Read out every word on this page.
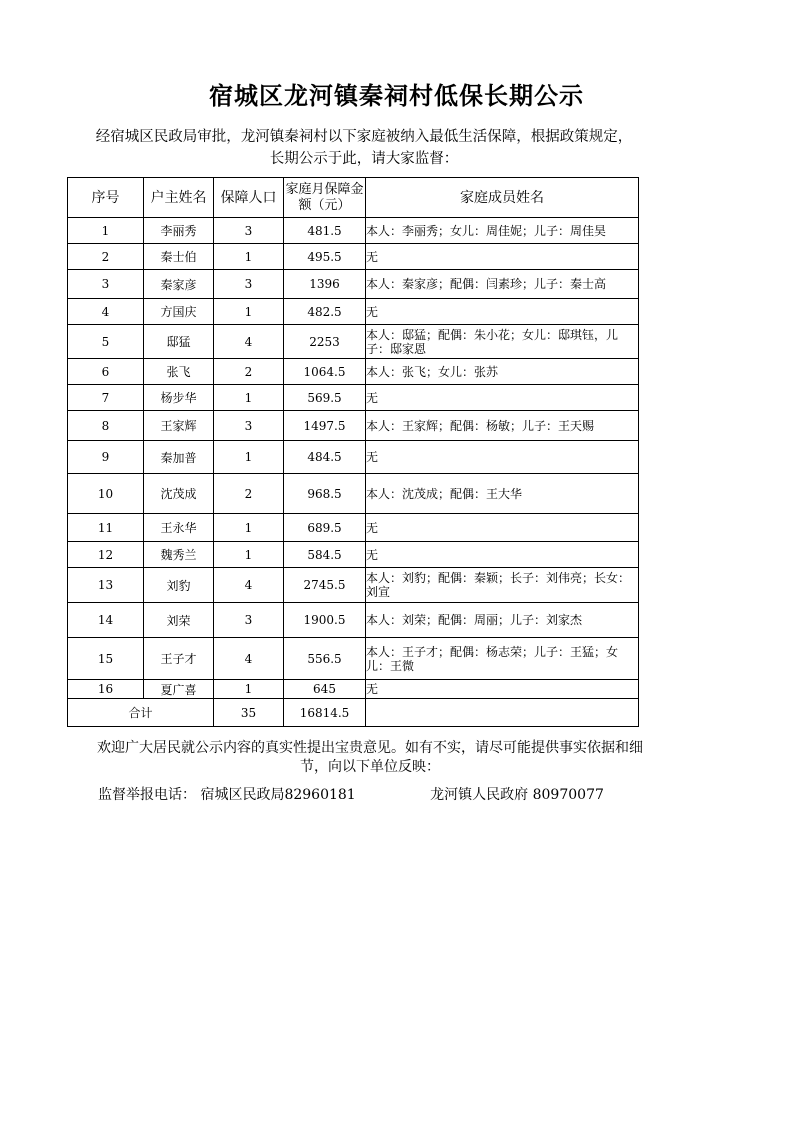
宿城区龙河镇秦祠村低保长期公示
经宿城区民政局审批，龙河镇秦祠村以下家庭被纳入最低生活保障，根据政策规定，长期公示于此，请大家监督：
序号	户主姓名	保障人口	家庭月保障金额（元）	家庭成员姓名
1	李丽秀	3	481.5	本人：李丽秀；女儿：周佳妮；儿子：周佳昊
2	秦士伯	1	495.5	无
3	秦家彦	3	1396	本人：秦家彦；配偶：闫素珍；儿子：秦士高
4	方国庆	1	482.5	无
5	邸猛	4	2253	本人：邸猛；配偶：朱小花；女儿：邸琪钰，儿子：邸家恩
6	张飞	2	1064.5	本人：张飞；女儿：张苏
7	杨步华	1	569.5	无
8	王家辉	3	1497.5	本人：王家辉；配偶：杨敏；儿子：王天赐
9	秦加普	1	484.5	无
10	沈茂成	2	968.5	本人：沈茂成；配偶：王大华
11	王永华	1	689.5	无
12	魏秀兰	1	584.5	无
13	刘豹	4	2745.5	本人：刘豹；配偶：秦颖；长子：刘伟亮；长女：刘宣
14	刘荣	3	1900.5	本人：刘荣；配偶：周丽；儿子：刘家杰
15	王子才	4	556.5	本人：王子才；配偶：杨志荣；儿子：王猛；女儿：王微
16	夏广喜	1	645	无
合计		35	16814.5	
欢迎广大居民就公示内容的真实性提出宝贵意见。如有不实，请尽可能提供事实依据和细节，向以下单位反映：
监督举报电话： 宿城区民政局82960181	龙河镇人民政府 80970077
